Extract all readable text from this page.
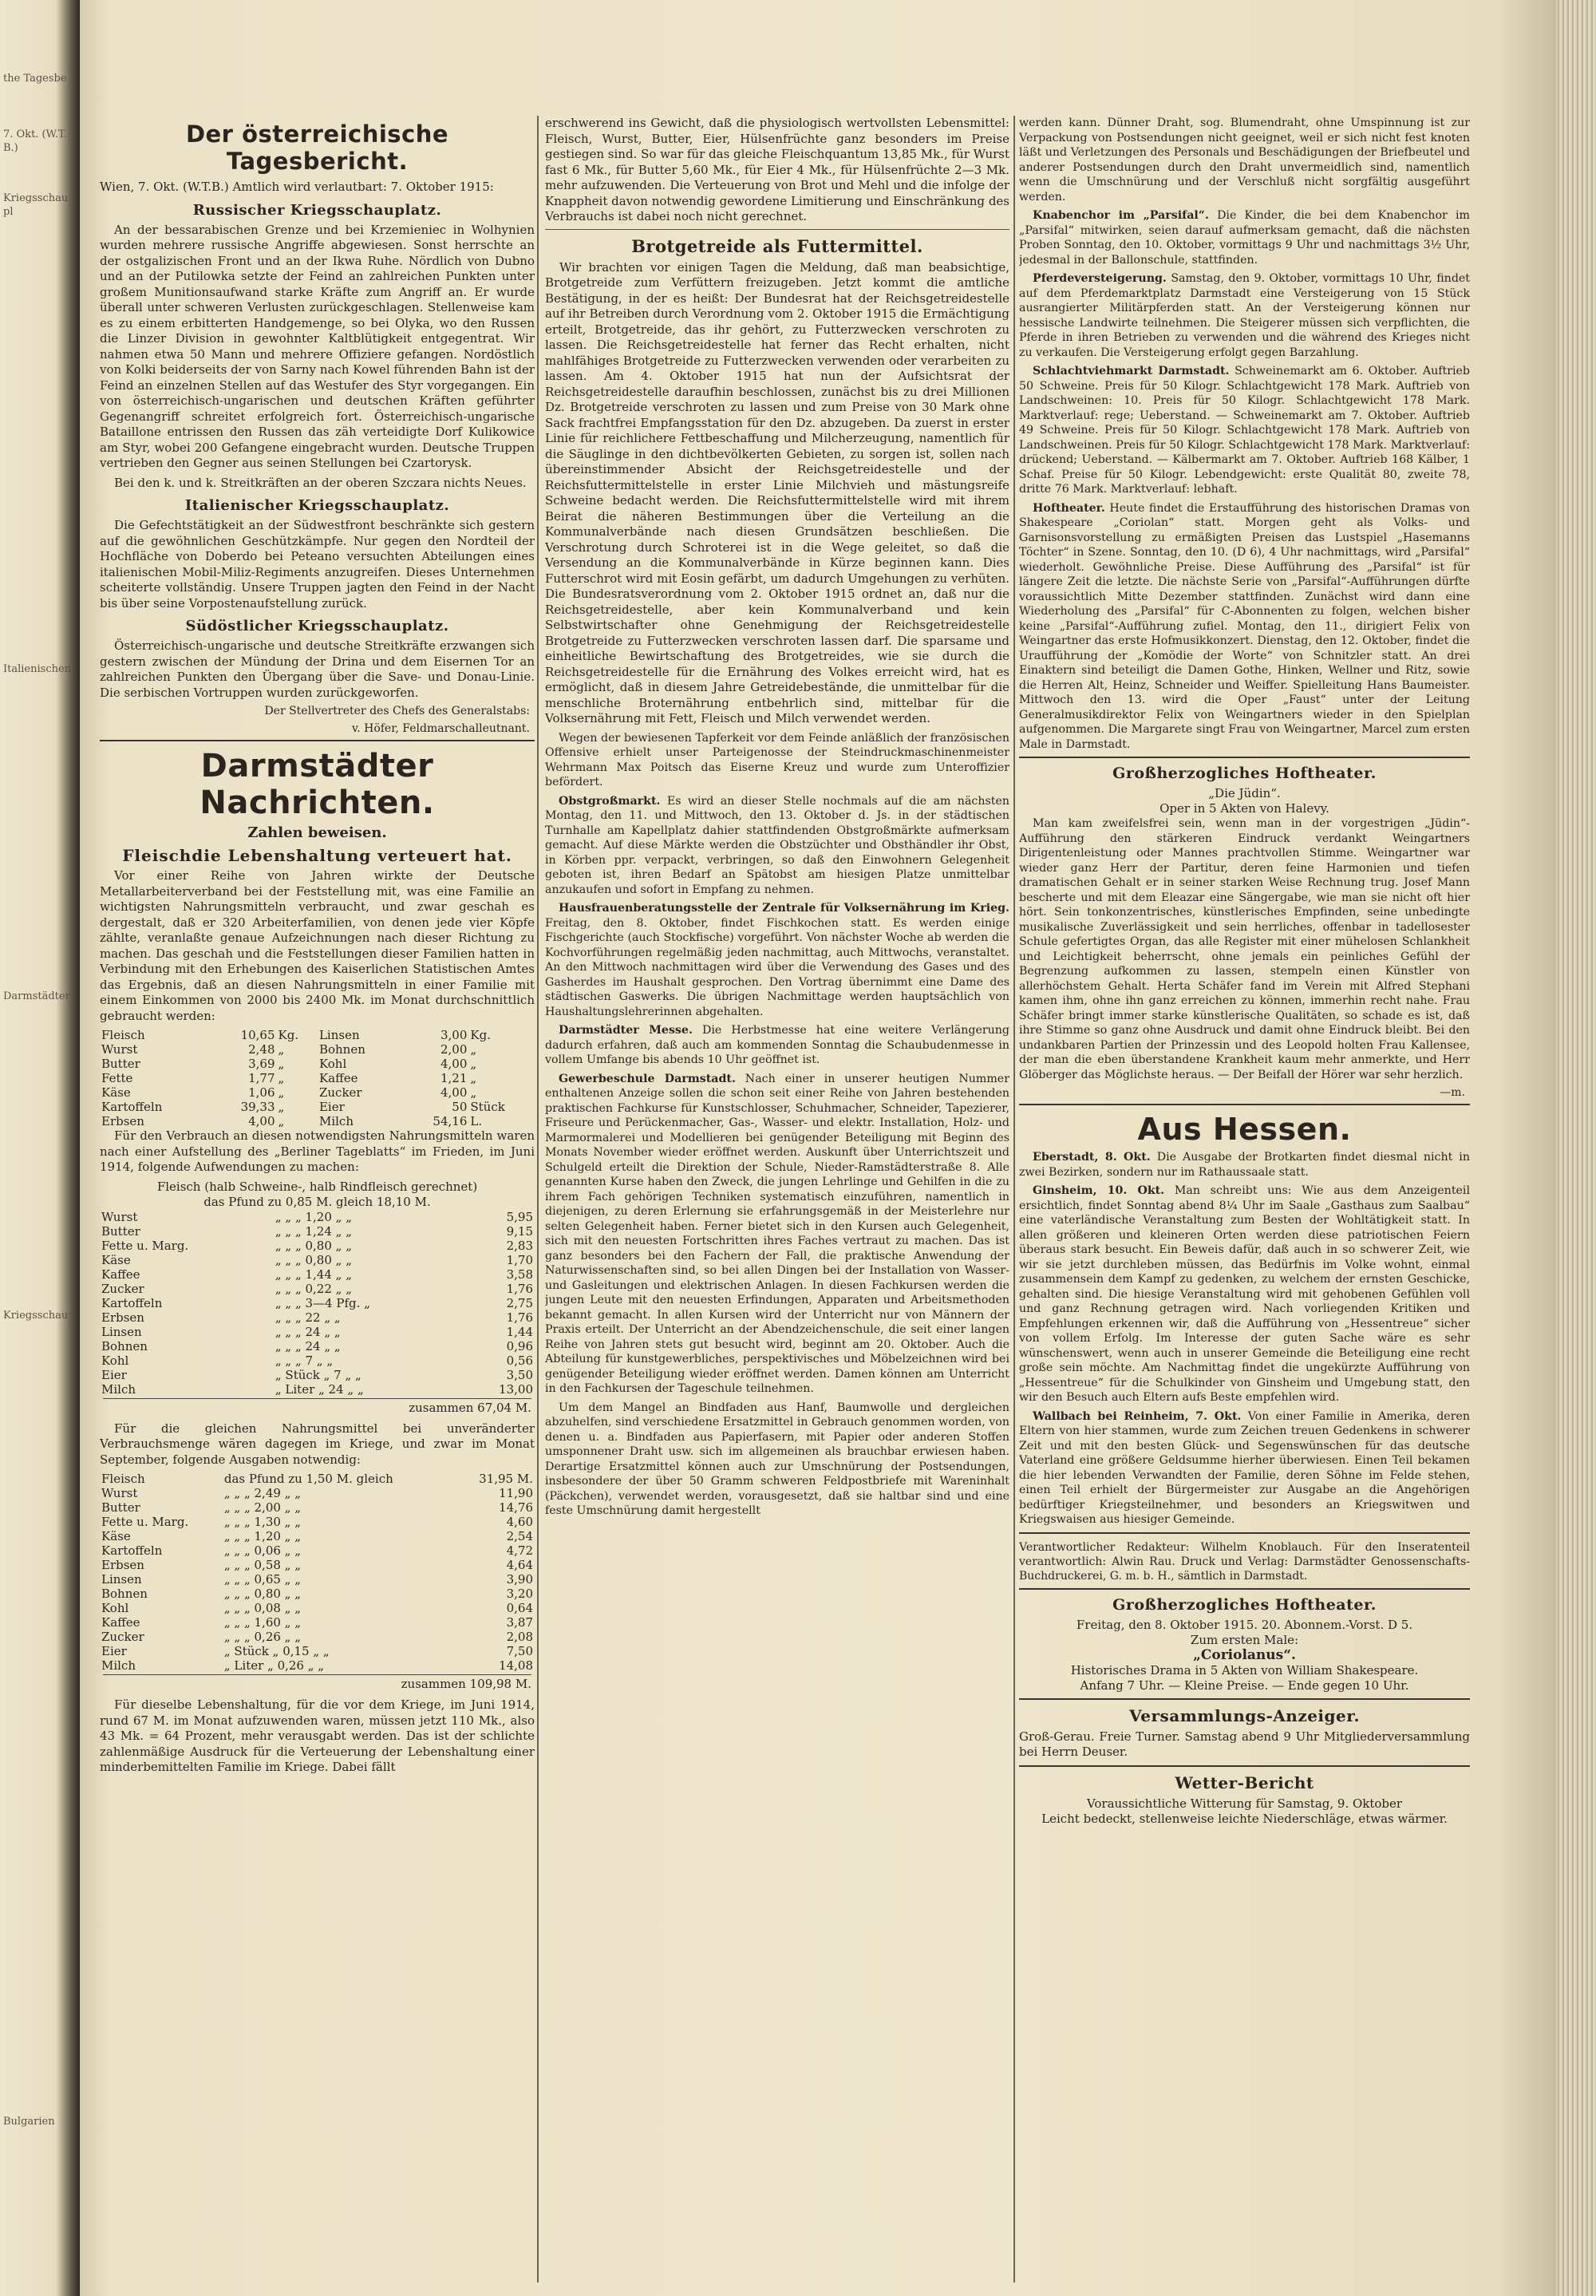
the Tagesbe
7. Okt. (W.T.B.)
Kriegsschaupl
Italienischen
Darmstädter
Kriegsschau
Bulgarien
Der österreichische Tagesbericht.

Wien, 7. Okt. (W.T.B.) Amtlich wird verlautbart: 7. Oktober 1915:

Russischer Kriegsschauplatz.

An der bessarabischen Grenze und bei Krzemieniec in Wolhynien wurden mehrere russische Angriffe abgewiesen. Sonst herrschte an der ostgalizischen Front und an der Ikwa Ruhe. Nördlich von Dubno und an der Putilowka setzte der Feind an zahlreichen Punkten unter großem Munitionsaufwand starke Kräfte zum Angriff an. Er wurde überall unter schweren Verlusten zurückgeschlagen. Stellenweise kam es zu einem erbitterten Handgemenge, so bei Olyka, wo den Russen die Linzer Division in gewohnter Kaltblütigkeit entgegentrat. Wir nahmen etwa 50 Mann und mehrere Offiziere gefangen. Nordöstlich von Kolki beiderseits der von Sarny nach Kowel führenden Bahn ist der Feind an einzelnen Stellen auf das Westufer des Styr vorgegangen. Ein von österreichisch-ungarischen und deutschen Kräften geführter Gegenangriff schreitet erfolgreich fort. Österreichisch-ungarische Bataillone entrissen den Russen das zäh verteidigte Dorf Kulikowice am Styr, wobei 200 Gefangene eingebracht wurden. Deutsche Truppen vertrieben den Gegner aus seinen Stellungen bei Czartorysk.

Bei den k. und k. Streitkräften an der oberen Szczara nichts Neues.

Italienischer Kriegsschauplatz.

Die Gefechtstätigkeit an der Südwestfront beschränkte sich gestern auf die gewöhnlichen Geschützkämpfe. Nur gegen den Nordteil der Hochfläche von Doberdo bei Peteano versuchten Abteilungen eines italienischen Mobil-Miliz-Regiments anzugreifen. Dieses Unternehmen scheiterte vollständig. Unsere Truppen jagten den Feind in der Nacht bis über seine Vorpostenaufstellung zurück.

Südöstlicher Kriegsschauplatz.

Österreichisch-ungarische und deutsche Streitkräfte erzwangen sich gestern zwischen der Mündung der Drina und dem Eisernen Tor an zahlreichen Punkten den Übergang über die Save- und Donau-Linie. Die serbischen Vortruppen wurden zurückgeworfen.

Der Stellvertreter des Chefs des Generalstabs:
v. Höfer, Feldmarschalleutnant.
Darmstädter Nachrichten.
Zahlen beweisen.
Fleischdie Lebenshaltung verteuert hat.

Vor einer Reihe von Jahren wirkte der Deutsche Metallarbeiterverband bei der Feststellung mit, was eine Familie an wichtigsten Nahrungsmitteln verbraucht, und zwar geschah es dergestalt, daß er 320 Arbeiterfamilien, von denen jede vier Köpfe zählte, veranlaßte genaue Aufzeichnungen nach dieser Richtung zu machen. Das geschah und die Feststellungen dieser Familien hatten in Verbindung mit den Erhebungen des Kaiserlichen Statistischen Amtes das Ergebnis, daß an diesen Nahrungsmitteln in einer Familie mit einem Einkommen von 2000 bis 2400 Mk. im Monat durchschnittlich gebraucht werden:

Fleisch	10,65	Kg.	Linsen	3,00	Kg.
Wurst	2,48	„	Bohnen	2,00	„
Butter	3,69	„	Kohl	4,00	„
Fette	1,77	„	Kaffee	1,21	„
Käse	1,06	„	Zucker	4,00	„
Kartoffeln	39,33	„	Eier	50	Stück
Erbsen	4,00	„	Milch	54,16	L.

Für den Verbrauch an diesen notwendigsten Nahrungsmitteln waren nach einer Aufstellung des „Berliner Tageblatts“ im Frieden, im Juni 1914, folgende Aufwendungen zu machen:

Fleisch (halb Schweine-, halb Rindfleisch gerechnet)
das Pfund zu 0,85 M. gleich 18,10 M.
Wurst	„ „ „ 1,20 „ „	5,95
Butter	„ „ „ 1,24 „ „	9,15
Fette u. Marg.	„ „ „ 0,80 „ „	2,83
Käse	„ „ „ 0,80 „ „	1,70
Kaffee	„ „ „ 1,44 „ „	3,58
Zucker	„ „ „ 0,22 „ „	1,76
Kartoffeln	„ „ „ 3—4 Pfg. „	2,75
Erbsen	„ „ „ 22 „ „	1,76
Linsen	„ „ „ 24 „ „	1,44
Bohnen	„ „ „ 24 „ „	0,96
Kohl	„ „ „ 7 „ „	0,56
Eier	„ Stück „ 7 „ „	3,50
Milch	„ Liter „ 24 „ „	13,00
zusammen 67,04 M.

Für die gleichen Nahrungsmittel bei unveränderter Verbrauchsmenge wären dagegen im Kriege, und zwar im Monat September, folgende Ausgaben notwendig:

Fleisch	das Pfund zu 1,50 M. gleich	31,95 M.
Wurst	„ „ „ 2,49 „ „	11,90
Butter	„ „ „ 2,00 „ „	14,76
Fette u. Marg.	„ „ „ 1,30 „ „	4,60
Käse	„ „ „ 1,20 „ „	2,54
Kartoffeln	„ „ „ 0,06 „ „	4,72
Erbsen	„ „ „ 0,58 „ „	4,64
Linsen	„ „ „ 0,65 „ „	3,90
Bohnen	„ „ „ 0,80 „ „	3,20
Kohl	„ „ „ 0,08 „ „	0,64
Kaffee	„ „ „ 1,60 „ „	3,87
Zucker	„ „ „ 0,26 „ „	2,08
Eier	„ Stück „ 0,15 „ „	7,50
Milch	„ Liter „ 0,26 „ „	14,08
zusammen 109,98 M.

Für dieselbe Lebenshaltung, für die vor dem Kriege, im Juni 1914, rund 67 M. im Monat aufzuwenden waren, müssen jetzt 110 Mk., also 43 Mk. = 64 Prozent, mehr verausgabt werden. Das ist der schlichte zahlenmäßige Ausdruck für die Verteuerung der Lebenshaltung einer minderbemittelten Familie im Kriege. Dabei fällt

erschwerend ins Gewicht, daß die physiologisch wertvollsten Lebensmittel: Fleisch, Wurst, Butter, Eier, Hülsenfrüchte ganz besonders im Preise gestiegen sind. So war für das gleiche Fleischquantum 13,85 Mk., für Wurst fast 6 Mk., für Butter 5,60 Mk., für Eier 4 Mk., für Hülsenfrüchte 2—3 Mk. mehr aufzuwenden. Die Verteuerung von Brot und Mehl und die infolge der Knappheit davon notwendig gewordene Limitierung und Einschränkung des Verbrauchs ist dabei noch nicht gerechnet.

Brotgetreide als Futtermittel.

Wir brachten vor einigen Tagen die Meldung, daß man beabsichtige, Brotgetreide zum Verfüttern freizugeben. Jetzt kommt die amtliche Bestätigung, in der es heißt: Der Bundesrat hat der Reichsgetreidestelle auf ihr Betreiben durch Verordnung vom 2. Oktober 1915 die Ermächtigung erteilt, Brotgetreide, das ihr gehört, zu Futterzwecken verschroten zu lassen. Die Reichsgetreidestelle hat ferner das Recht erhalten, nicht mahlfähiges Brotgetreide zu Futterzwecken verwenden oder verarbeiten zu lassen. Am 4. Oktober 1915 hat nun der Aufsichtsrat der Reichsgetreidestelle daraufhin beschlossen, zunächst bis zu drei Millionen Dz. Brotgetreide verschroten zu lassen und zum Preise von 30 Mark ohne Sack frachtfrei Empfangsstation für den Dz. abzugeben. Da zuerst in erster Linie für reichlichere Fettbeschaffung und Milcherzeugung, namentlich für die Säuglinge in den dichtbevölkerten Gebieten, zu sorgen ist, sollen nach übereinstimmender Absicht der Reichsgetreidestelle und der Reichsfuttermittelstelle in erster Linie Milchvieh und mästungsreife Schweine bedacht werden. Die Reichsfuttermittelstelle wird mit ihrem Beirat die näheren Bestimmungen über die Verteilung an die Kommunalverbände nach diesen Grundsätzen beschließen. Die Verschrotung durch Schroterei ist in die Wege geleitet, so daß die Versendung an die Kommunalverbände in Kürze beginnen kann. Dies Futterschrot wird mit Eosin gefärbt, um dadurch Umgehungen zu verhüten. Die Bundesratsverordnung vom 2. Oktober 1915 ordnet an, daß nur die Reichsgetreidestelle, aber kein Kommunalverband und kein Selbstwirtschafter ohne Genehmigung der Reichsgetreidestelle Brotgetreide zu Futterzwecken verschroten lassen darf. Die sparsame und einheitliche Bewirtschaftung des Brotgetreides, wie sie durch die Reichsgetreidestelle für die Ernährung des Volkes erreicht wird, hat es ermöglicht, daß in diesem Jahre Getreidebestände, die unmittelbar für die menschliche Broternährung entbehrlich sind, mittelbar für die Volksernährung mit Fett, Fleisch und Milch verwendet werden.

Wegen der bewiesenen Tapferkeit vor dem Feinde anläßlich der französischen Offensive erhielt unser Parteigenosse der Steindruckmaschinenmeister Wehrmann Max Poitsch das Eiserne Kreuz und wurde zum Unteroffizier befördert.

Obstgroßmarkt. Es wird an dieser Stelle nochmals auf die am nächsten Montag, den 11. und Mittwoch, den 13. Oktober d. Js. in der städtischen Turnhalle am Kapellplatz dahier stattfindenden Obstgroßmärkte aufmerksam gemacht. Auf diese Märkte werden die Obstzüchter und Obsthändler ihr Obst, in Körben ppr. verpackt, verbringen, so daß den Einwohnern Gelegenheit geboten ist, ihren Bedarf an Spätobst am hiesigen Platze unmittelbar anzukaufen und sofort in Empfang zu nehmen.

Hausfrauenberatungsstelle der Zentrale für Volksernährung im Krieg. Freitag, den 8. Oktober, findet Fischkochen statt. Es werden einige Fischgerichte (auch Stockfische) vorgeführt. Von nächster Woche ab werden die Kochvorführungen regelmäßig jeden nachmittag, auch Mittwochs, veranstaltet. An den Mittwoch nachmittagen wird über die Verwendung des Gases und des Gasherdes im Haushalt gesprochen. Den Vortrag übernimmt eine Dame des städtischen Gaswerks. Die übrigen Nachmittage werden hauptsächlich von Haushaltungslehrerinnen abgehalten.

Darmstädter Messe. Die Herbstmesse hat eine weitere Verlängerung dadurch erfahren, daß auch am kommenden Sonntag die Schaubudenmesse in vollem Umfange bis abends 10 Uhr geöffnet ist.

Gewerbeschule Darmstadt. Nach einer in unserer heutigen Nummer enthaltenen Anzeige sollen die schon seit einer Reihe von Jahren bestehenden praktischen Fachkurse für Kunstschlosser, Schuhmacher, Schneider, Tapezierer, Friseure und Perückenmacher, Gas-, Wasser- und elektr. Installation, Holz- und Marmormalerei und Modellieren bei genügender Beteiligung mit Beginn des Monats November wieder eröffnet werden. Auskunft über Unterrichtszeit und Schulgeld erteilt die Direktion der Schule, Nieder-Ramstädterstraße 8. Alle genannten Kurse haben den Zweck, die jungen Lehrlinge und Gehilfen in die zu ihrem Fach gehörigen Techniken systematisch einzuführen, namentlich in diejenigen, zu deren Erlernung sie erfahrungsgemäß in der Meisterlehre nur selten Gelegenheit haben. Ferner bietet sich in den Kursen auch Gelegenheit, sich mit den neuesten Fortschritten ihres Faches vertraut zu machen. Das ist ganz besonders bei den Fachern der Fall, die praktische Anwendung der Naturwissenschaften sind, so bei allen Dingen bei der Installation von Wasser- und Gasleitungen und elektrischen Anlagen. In diesen Fachkursen werden die jungen Leute mit den neuesten Erfindungen, Apparaten und Arbeitsmethoden bekannt gemacht. In allen Kursen wird der Unterricht nur von Männern der Praxis erteilt. Der Unterricht an der Abendzeichenschule, die seit einer langen Reihe von Jahren stets gut besucht wird, beginnt am 20. Oktober. Auch die Abteilung für kunstgewerbliches, perspektivisches und Möbelzeichnen wird bei genügender Beteiligung wieder eröffnet werden. Damen können am Unterricht in den Fachkursen der Tageschule teilnehmen.

Um dem Mangel an Bindfaden aus Hanf, Baumwolle und dergleichen abzuhelfen, sind verschiedene Ersatzmittel in Gebrauch genommen worden, von denen u. a. Bindfaden aus Papierfasern, mit Papier oder anderen Stoffen umsponnener Draht usw. sich im allgemeinen als brauchbar erwiesen haben. Derartige Ersatzmittel können auch zur Umschnürung der Postsendungen, insbesondere der über 50 Gramm schweren Feldpostbriefe mit Wareninhalt (Päckchen), verwendet werden, vorausgesetzt, daß sie haltbar sind und eine feste Umschnürung damit hergestellt

werden kann. Dünner Draht, sog. Blumendraht, ohne Umspinnung ist zur Verpackung von Postsendungen nicht geeignet, weil er sich nicht fest knoten läßt und Verletzungen des Personals und Beschädigungen der Briefbeutel und anderer Postsendungen durch den Draht unvermeidlich sind, namentlich wenn die Umschnürung und der Verschluß nicht sorgfältig ausgeführt werden.

Knabenchor im „Parsifal“. Die Kinder, die bei dem Knabenchor im „Parsifal“ mitwirken, seien darauf aufmerksam gemacht, daß die nächsten Proben Sonntag, den 10. Oktober, vormittags 9 Uhr und nachmittags 3½ Uhr, jedesmal in der Ballonschule, stattfinden.

Pferdeversteigerung. Samstag, den 9. Oktober, vormittags 10 Uhr, findet auf dem Pferdemarktplatz Darmstadt eine Versteigerung von 15 Stück ausrangierter Militärpferden statt. An der Versteigerung können nur hessische Landwirte teilnehmen. Die Steigerer müssen sich verpflichten, die Pferde in ihren Betrieben zu verwenden und die während des Krieges nicht zu verkaufen. Die Versteigerung erfolgt gegen Barzahlung.

Schlachtviehmarkt Darmstadt. Schweinemarkt am 6. Oktober. Auftrieb 50 Schweine. Preis für 50 Kilogr. Schlachtgewicht 178 Mark. Auftrieb von Landschweinen: 10. Preis für 50 Kilogr. Schlachtgewicht 178 Mark. Marktverlauf: rege; Ueberstand. — Schweinemarkt am 7. Oktober. Auftrieb 49 Schweine. Preis für 50 Kilogr. Schlachtgewicht 178 Mark. Auftrieb von Landschweinen. Preis für 50 Kilogr. Schlachtgewicht 178 Mark. Marktverlauf: drückend; Ueberstand. — Kälbermarkt am 7. Oktober. Auftrieb 168 Kälber, 1 Schaf. Preise für 50 Kilogr. Lebendgewicht: erste Qualität 80, zweite 78, dritte 76 Mark. Marktverlauf: lebhaft.

Hoftheater. Heute findet die Erstaufführung des historischen Dramas von Shakespeare „Coriolan“ statt. Morgen geht als Volks- und Garnisonsvorstellung zu ermäßigten Preisen das Lustspiel „Hasemanns Töchter“ in Szene. Sonntag, den 10. (D 6), 4 Uhr nachmittags, wird „Parsifal“ wiederholt. Gewöhnliche Preise. Diese Aufführung des „Parsifal“ ist für längere Zeit die letzte. Die nächste Serie von „Parsifal“-Aufführungen dürfte voraussichtlich Mitte Dezember stattfinden. Zunächst wird dann eine Wiederholung des „Parsifal“ für C-Abonnenten zu folgen, welchen bisher keine „Parsifal“-Aufführung zufiel. Montag, den 11., dirigiert Felix von Weingartner das erste Hofmusikkonzert. Dienstag, den 12. Oktober, findet die Uraufführung der „Komödie der Worte“ von Schnitzler statt. An drei Einaktern sind beteiligt die Damen Gothe, Hinken, Wellner und Ritz, sowie die Herren Alt, Heinz, Schneider und Weiffer. Spielleitung Hans Baumeister. Mittwoch den 13. wird die Oper „Faust“ unter der Leitung Generalmusikdirektor Felix von Weingartners wieder in den Spielplan aufgenommen. Die Margarete singt Frau von Weingartner, Marcel zum ersten Male in Darmstadt.

Großherzogliches Hoftheater.
„Die Jüdin“.
Oper in 5 Akten von Halevy.

Man kam zweifelsfrei sein, wenn man in der vorgestrigen „Jüdin“-Aufführung den stärkeren Eindruck verdankt Weingartners Dirigentenleistung oder Mannes prachtvollen Stimme. Weingartner war wieder ganz Herr der Partitur, deren feine Harmonien und tiefen dramatischen Gehalt er in seiner starken Weise Rechnung trug. Josef Mann bescherte und mit dem Eleazar eine Sängergabe, wie man sie nicht oft hier hört. Sein tonkonzentrisches, künstlerisches Empfinden, seine unbedingte musikalische Zuverlässigkeit und sein herrliches, offenbar in tadellosester Schule gefertigtes Organ, das alle Register mit einer mühelosen Schlankheit und Leichtigkeit beherrscht, ohne jemals ein peinliches Gefühl der Begrenzung aufkommen zu lassen, stempeln einen Künstler von allerhöchstem Gehalt. Herta Schäfer fand im Verein mit Alfred Stephani kamen ihm, ohne ihn ganz erreichen zu können, immerhin recht nahe. Frau Schäfer bringt immer starke künstlerische Qualitäten, so schade es ist, daß ihre Stimme so ganz ohne Ausdruck und damit ohne Eindruck bleibt. Bei den undankbaren Partien der Prinzessin und des Leopold holten Frau Kallensee, der man die eben überstandene Krankheit kaum mehr anmerkte, und Herr Glöberger das Möglichste heraus. — Der Beifall der Hörer war sehr herzlich.

—m.
Aus Hessen.

Eberstadt, 8. Okt. Die Ausgabe der Brotkarten findet diesmal nicht in zwei Bezirken, sondern nur im Rathaussaale statt.

Ginsheim, 10. Okt. Man schreibt uns: Wie aus dem Anzeigenteil ersichtlich, findet Sonntag abend 8¼ Uhr im Saale „Gasthaus zum Saalbau“ eine vaterländische Veranstaltung zum Besten der Wohltätigkeit statt. In allen größeren und kleineren Orten werden diese patriotischen Feiern überaus stark besucht. Ein Beweis dafür, daß auch in so schwerer Zeit, wie wir sie jetzt durchleben müssen, das Bedürfnis im Volke wohnt, einmal zusammensein dem Kampf zu gedenken, zu welchem der ernsten Geschicke, gehalten sind. Die hiesige Veranstaltung wird mit gehobenen Gefühlen voll und ganz Rechnung getragen wird. Nach vorliegenden Kritiken und Empfehlungen erkennen wir, daß die Aufführung von „Hessentreue“ sicher von vollem Erfolg. Im Interesse der guten Sache wäre es sehr wünschenswert, wenn auch in unserer Gemeinde die Beteiligung eine recht große sein möchte. Am Nachmittag findet die ungekürzte Aufführung von „Hessentreue“ für die Schulkinder von Ginsheim und Umgebung statt, den wir den Besuch auch Eltern aufs Beste empfehlen wird.

Wallbach bei Reinheim, 7. Okt. Von einer Familie in Amerika, deren Eltern von hier stammen, wurde zum Zeichen treuen Gedenkens in schwerer Zeit und mit den besten Glück- und Segenswünschen für das deutsche Vaterland eine größere Geldsumme hierher überwiesen. Einen Teil bekamen die hier lebenden Verwandten der Familie, deren Söhne im Felde stehen, einen Teil erhielt der Bürgermeister zur Ausgabe an die Angehörigen bedürftiger Kriegsteilnehmer, und besonders an Kriegswitwen und Kriegswaisen aus hiesiger Gemeinde.

Verantwortlicher Redakteur: Wilhelm Knoblauch. Für den Inseratenteil verantwortlich: Alwin Rau. Druck und Verlag: Darmstädter Genossenschafts-Buchdruckerei, G. m. b. H., sämtlich in Darmstadt.

Großherzogliches Hoftheater.
Freitag, den 8. Oktober 1915. 20. Abonnem.-Vorst. D 5.
Zum ersten Male:
„Coriolanus“.
Historisches Drama in 5 Akten von William Shakespeare.
Anfang 7 Uhr. — Kleine Preise. — Ende gegen 10 Uhr.
Versammlungs-Anzeiger.

Groß-Gerau. Freie Turner. Samstag abend 9 Uhr Mitgliederversammlung bei Herrn Deuser.

Wetter-Bericht
Voraussichtliche Witterung für Samstag, 9. Oktober
Leicht bedeckt, stellenweise leichte Niederschläge, etwas wärmer.
